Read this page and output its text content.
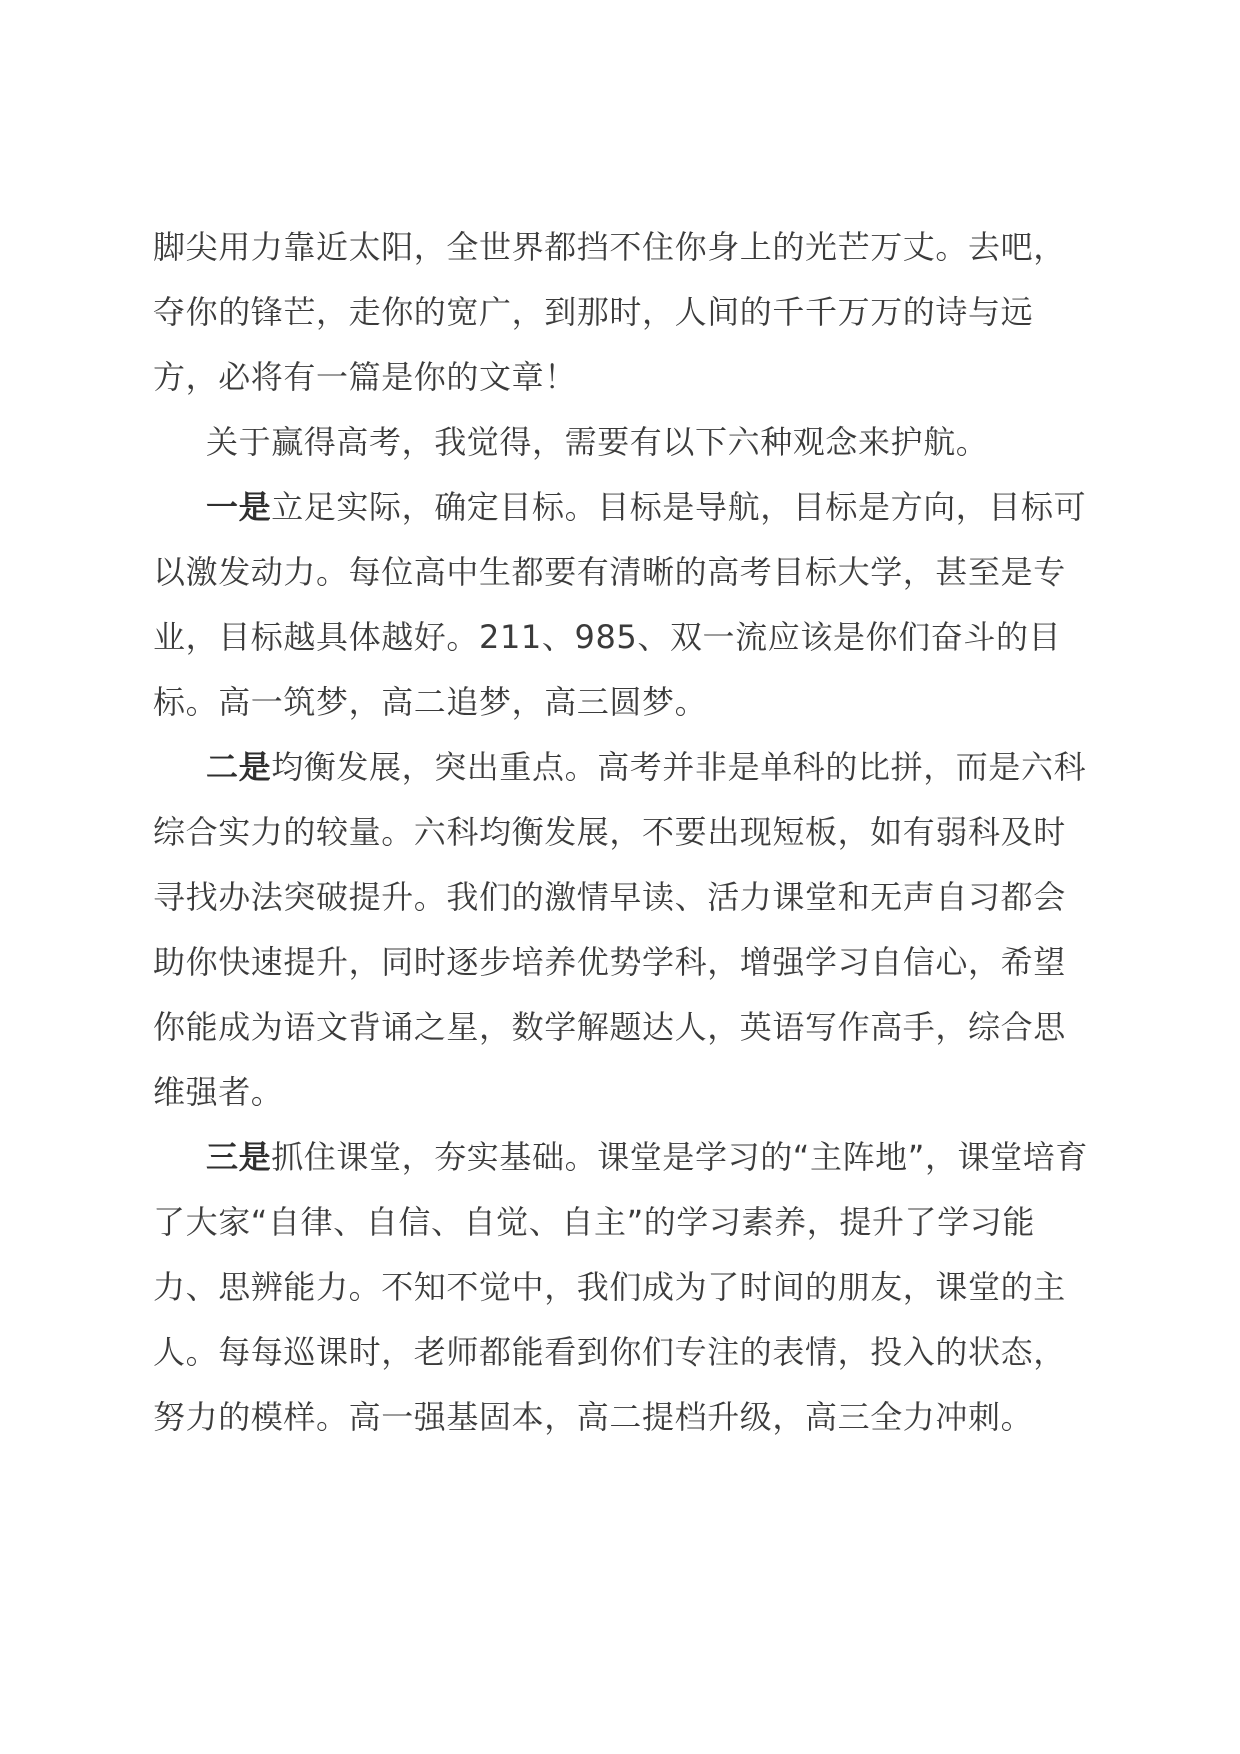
脚尖用力靠近太阳，全世界都挡不住你身上的光芒万丈。去吧，夺你的锋芒，走你的宽广，到那时，人间的千千万万的诗与远方，必将有一篇是你的文章！

关于赢得高考，我觉得，需要有以下六种观念来护航。

一是立足实际，确定目标。目标是导航，目标是方向，目标可以激发动力。每位高中生都要有清晰的高考目标大学，甚至是专业，目标越具体越好。211、985、双一流应该是你们奋斗的目标。高一筑梦，高二追梦，高三圆梦。

二是均衡发展，突出重点。高考并非是单科的比拼，而是六科综合实力的较量。六科均衡发展，不要出现短板，如有弱科及时寻找办法突破提升。我们的激情早读、活力课堂和无声自习都会助你快速提升，同时逐步培养优势学科，增强学习自信心，希望你能成为语文背诵之星，数学解题达人，英语写作高手，综合思维强者。

三是抓住课堂，夯实基础。课堂是学习的“主阵地”，课堂培育了大家“自律、自信、自觉、自主”的学习素养，提升了学习能力、思辨能力。不知不觉中，我们成为了时间的朋友，课堂的主人。每每巡课时，老师都能看到你们专注的表情，投入的状态，努力的模样。高一强基固本，高二提档升级，高三全力冲刺。
